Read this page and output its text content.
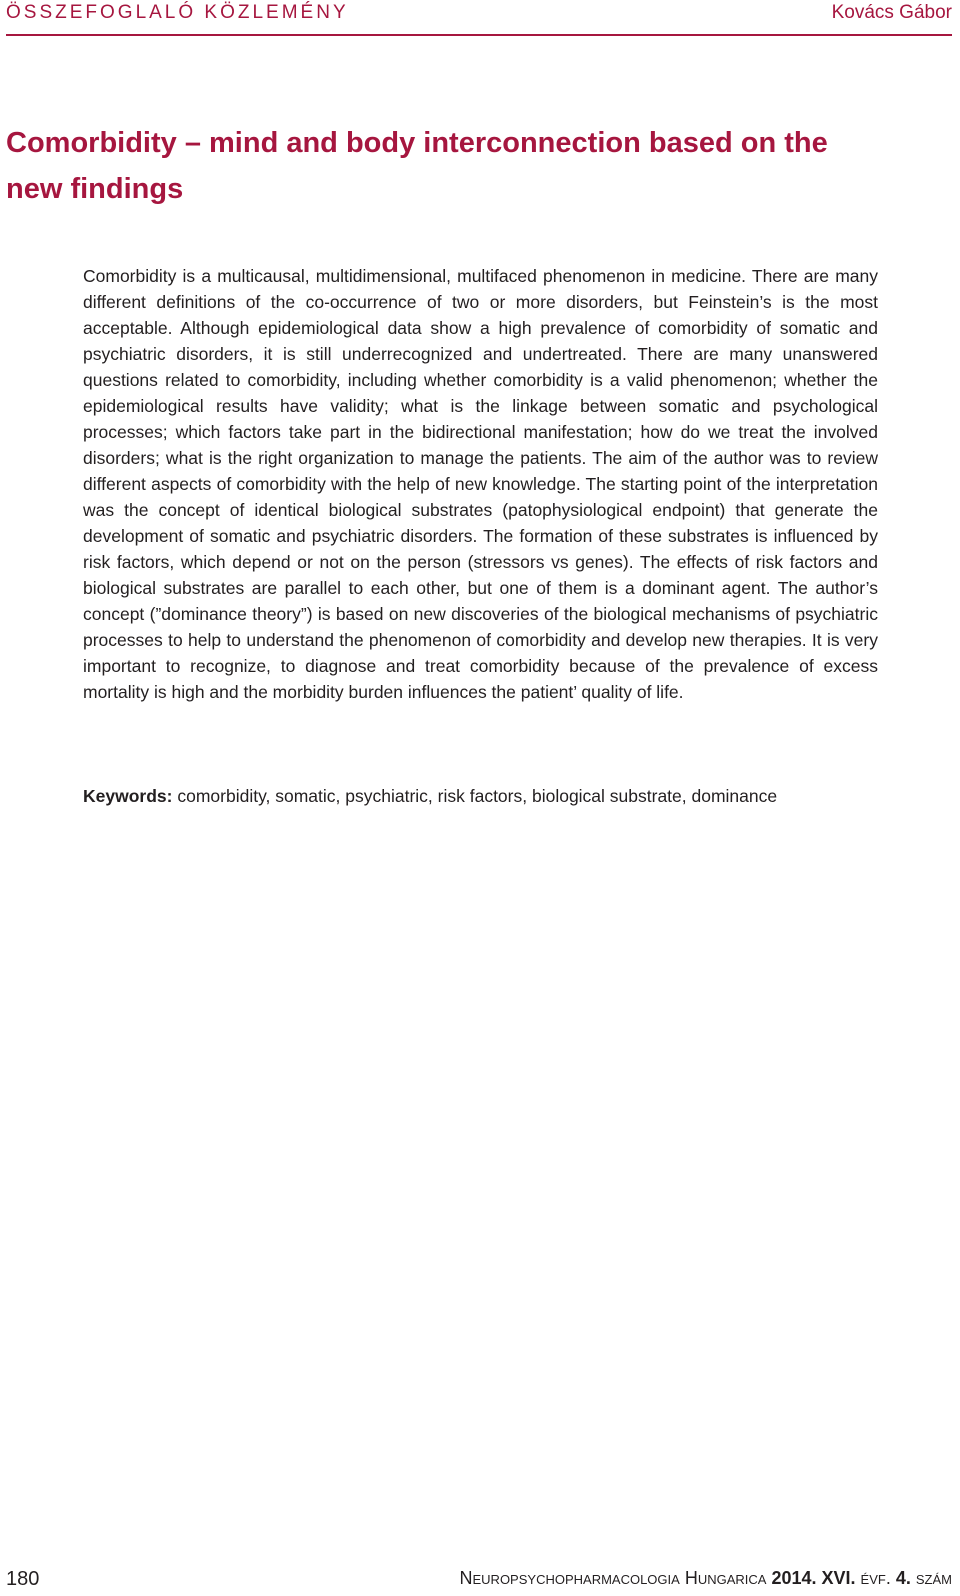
ÖSSZEFOGLALÓ KÖZLEMÉNY	Kovács Gábor
Comorbidity – mind and body interconnection based on the new findings

Comorbidity is a multicausal, multidimensional, multifaced phenomenon in medicine. There are many different definitions of the co-occurrence of two or more disorders, but Feinstein’s is the most acceptable. Although epidemiological data show a high prevalence of comorbidity of somatic and psychiatric disorders, it is still underrecognized and undertreated. There are many unanswered questions related to comorbidity, including whether comorbidity is a valid phenomenon; whether the epidemiological results have validity; what is the linkage between somatic and psychological processes; which factors take part in the bidirectional manifestation; how do we treat the involved disorders; what is the right organization to manage the patients. The aim of the author was to review different aspects of comorbidity with the help of new knowledge. The starting point of the interpretation was the concept of identical biological substrates (patophysiological endpoint) that generate the development of somatic and psychiatric disorders. The formation of these substrates is influenced by risk factors, which depend or not on the person (stressors vs genes). The effects of risk factors and biological substrates are parallel to each other, but one of them is a dominant agent. The author’s concept (”dominance theory”) is based on new discoveries of the biological mechanisms of psychiatric processes to help to understand the phenomenon of comorbidity and develop new therapies. It is very important to recognize, to diagnose and treat comorbidity because of the prevalence of excess mortality is high and the morbidity burden influences the patient’ quality of life.

Keywords: comorbidity, somatic, psychiatric, risk factors, biological substrate, dominance

180	Neuropsychopharmacologia Hungarica 2014. XVI. évf. 4. szám
